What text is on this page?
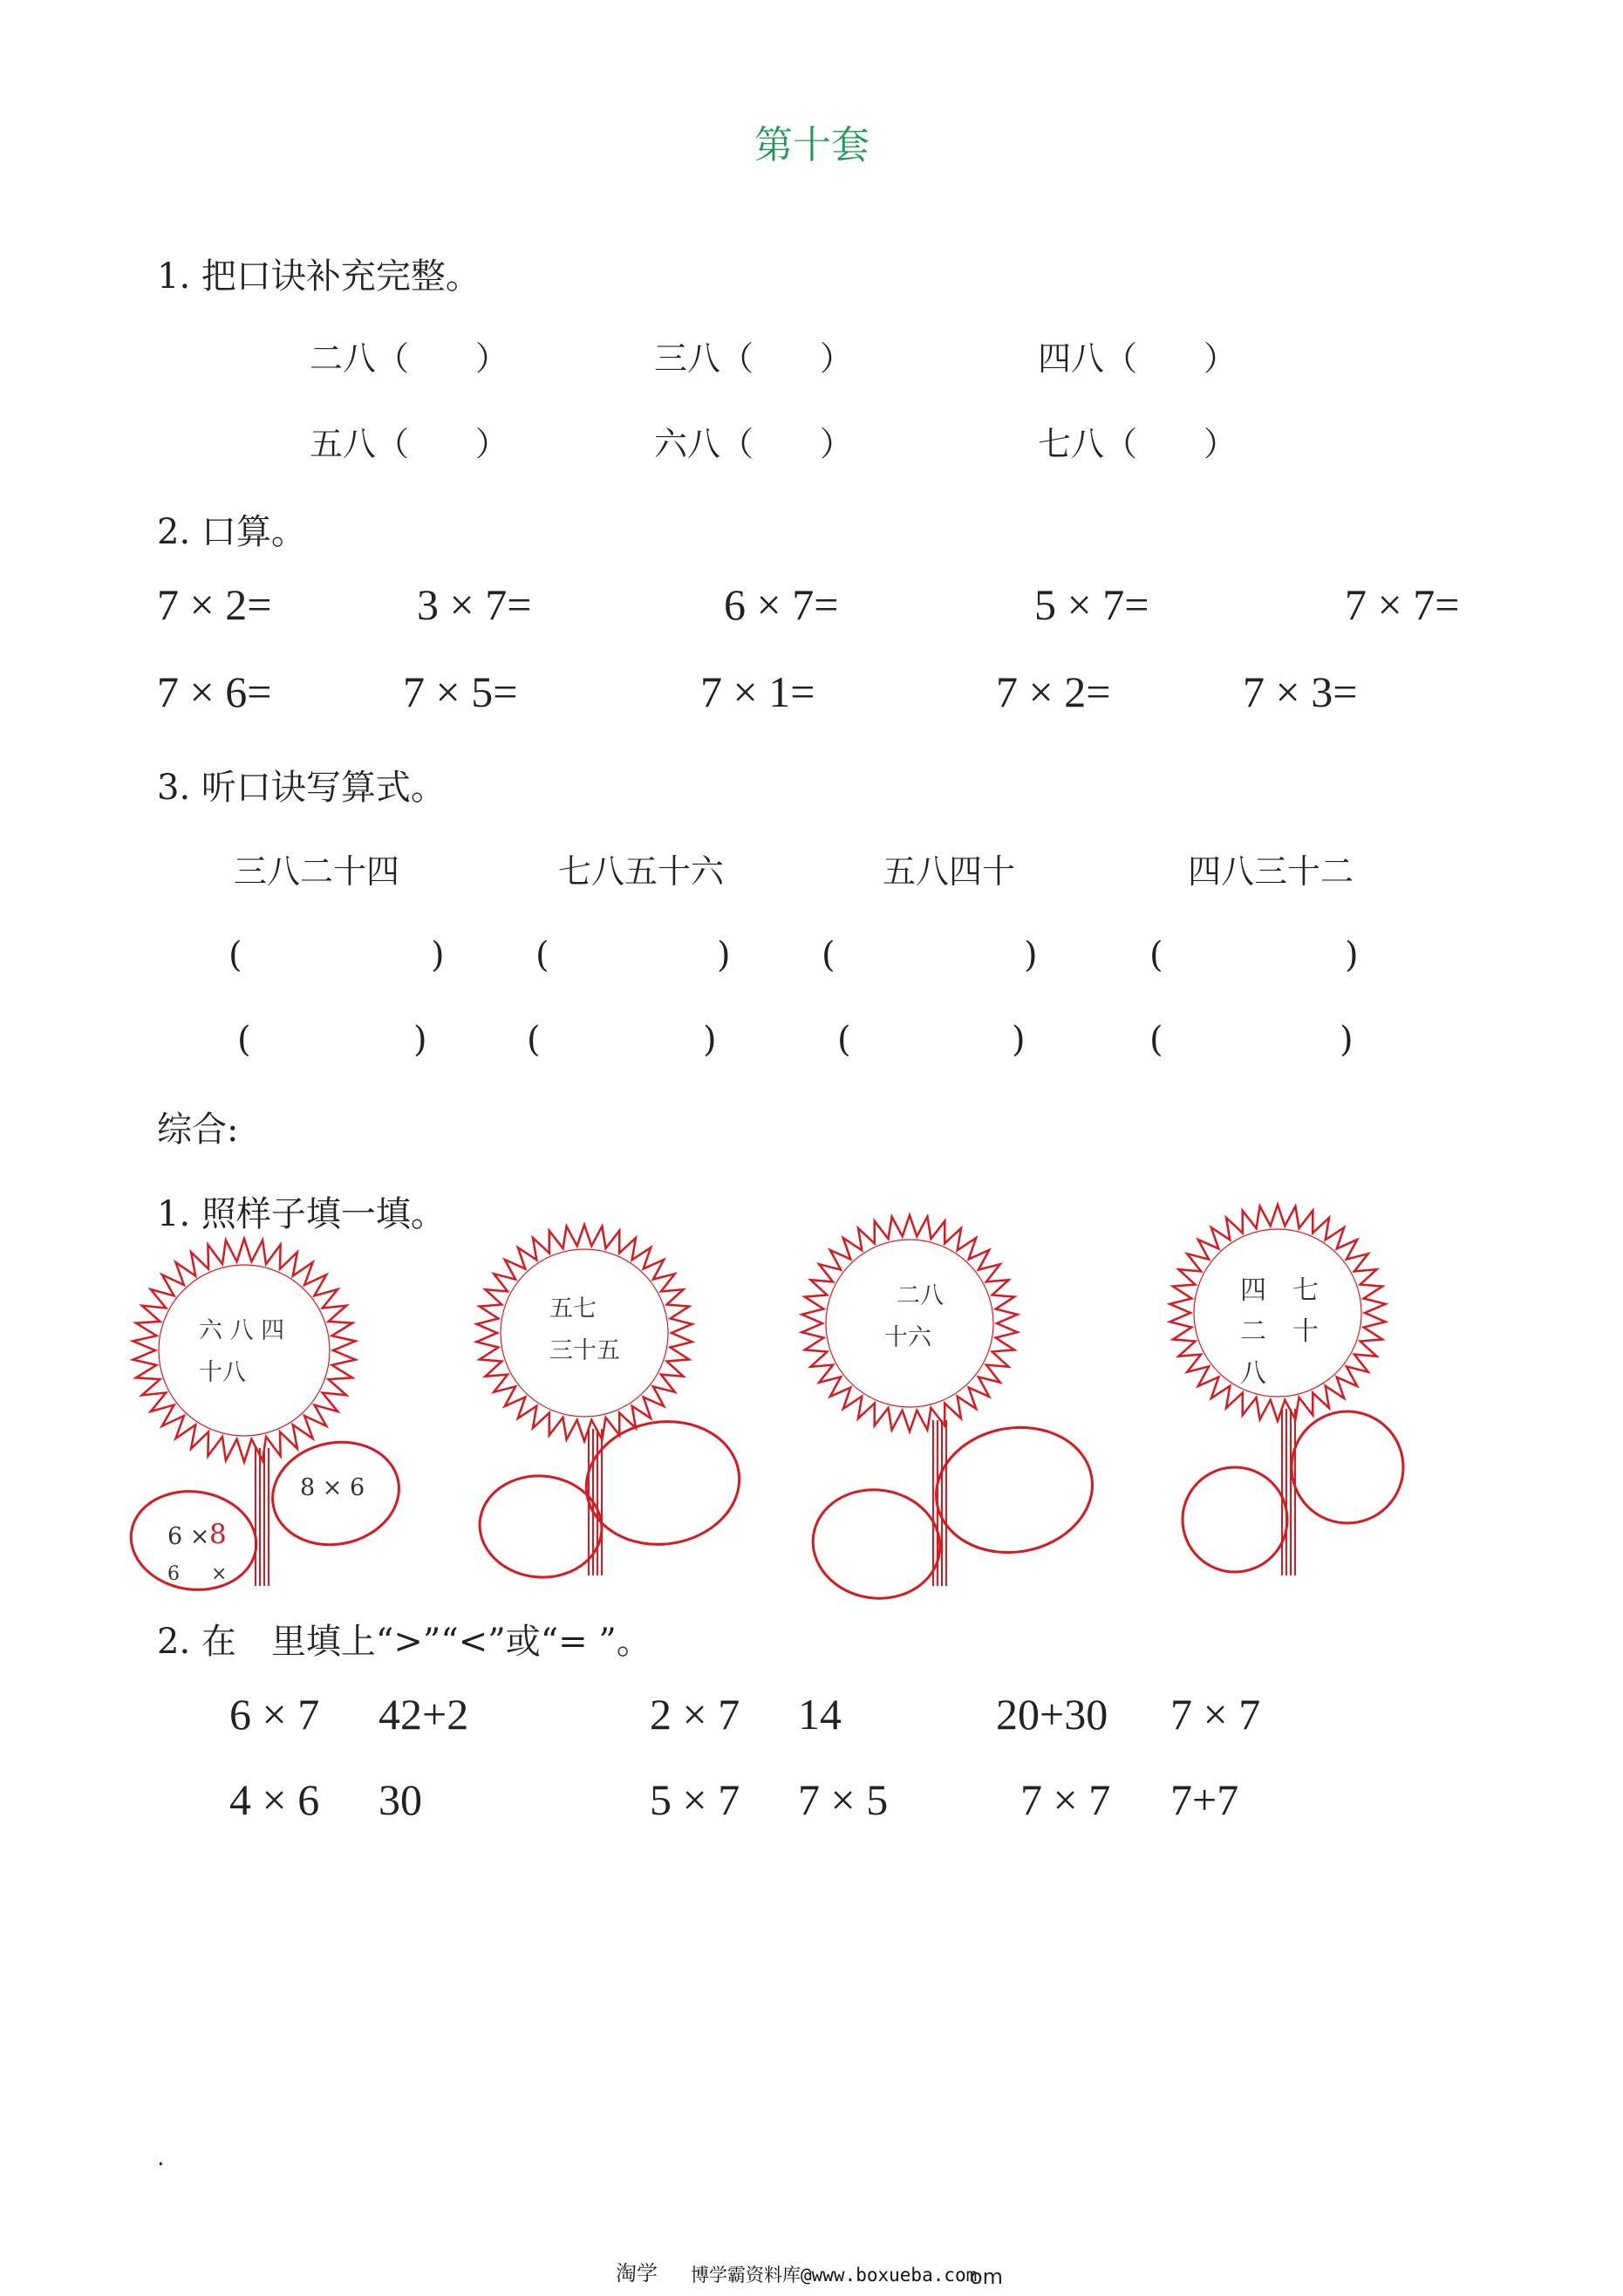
第十套
1. 把口诀补充完整。
二八（　　）	三八（　　）	四八（　　）
五八（　　）	六八（　　）	七八（　　）
2. 口算。
7 × 2=	3 × 7=	6 × 7=	5 × 7=	7 × 7=
7 × 6=	7 × 5=	7 × 1=	7 × 2=	7 × 3=
3. 听口诀写算式。
三八二十四	七八五十六	五八四十	四八三十二
(	)	(	)	(	)	(	)
(	)	(	)	(	)	(	)
综合:
1. 照样子填一填。
六 八 四
十八
8 × 6
6 × 8
6 ×
五七
三十五
二八
十六
四　七
二　十
八
2. 在　里填上“>”“<”或“= ”。
6 × 7 42+2	2 × 7 14	20+30 7 × 7
4 × 6 30	5 × 7 7 × 5	7 × 7 7+7
.
淘学 博学霸资料库@www.boxueba.com
om
